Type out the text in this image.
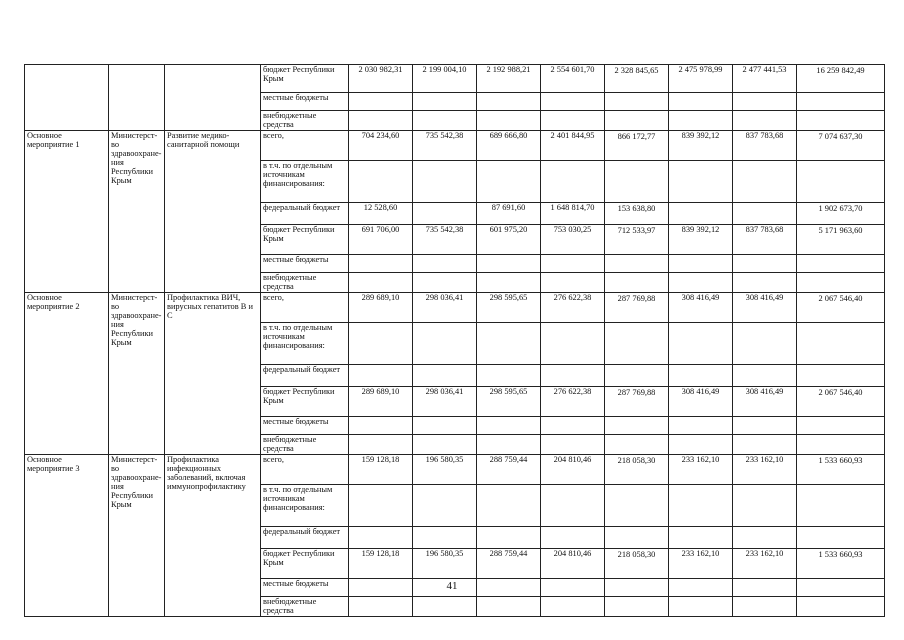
			бюджет Республики Крым	2 030 982,31	2 199 004,10	2 192 988,21	2 554 601,70	2 328 845,65	2 475 978,99	2 477 441,53	16 259 842,49
			местные бюджеты								
			внебюджетные средства								
Основное мероприятие 1	Министерст-во здравоохране-ния Республики Крым	Развитие медико-санитарной помощи	всего,	704 234,60	735 542,38	689 666,80	2 401 844,95	866 172,77	839 392,12	837 783,68	7 074 637,30
			в т.ч. по отдельным источникам финансирования:								
			федеральный бюджет	12 528,60		87 691,60	1 648 814,70	153 638,80			1 902 673,70
			бюджет Республики Крым	691 706,00	735 542,38	601 975,20	753 030,25	712 533,97	839 392,12	837 783,68	5 171 963,60
			местные бюджеты								
			внебюджетные средства								
Основное мероприятие 2	Министерст-во здравоохране-ния Республики Крым	Профилактика ВИЧ, вирусных гепатитов В и С	всего,	289 689,10	298 036,41	298 595,65	276 622,38	287 769,88	308 416,49	308 416,49	2 067 546,40
			в т.ч. по отдельным источникам финансирования:								
			федеральный бюджет								
			бюджет Республики Крым	289 689,10	298 036,41	298 595,65	276 622,38	287 769,88	308 416,49	308 416,49	2 067 546,40
			местные бюджеты								
			внебюджетные средства								
Основное мероприятие 3	Министерст-во здравоохране-ния Республики Крым	Профилактика инфекционных заболеваний, включая иммунопрофилактику	всего,	159 128,18	196 580,35	288 759,44	204 810,46	218 058,30	233 162,10	233 162,10	1 533 660,93
			в т.ч. по отдельным источникам финансирования:								
			федеральный бюджет								
			бюджет Республики Крым	159 128,18	196 580,35	288 759,44	204 810,46	218 058,30	233 162,10	233 162,10	1 533 660,93
			местные бюджеты								
			внебюджетные средства								
41
